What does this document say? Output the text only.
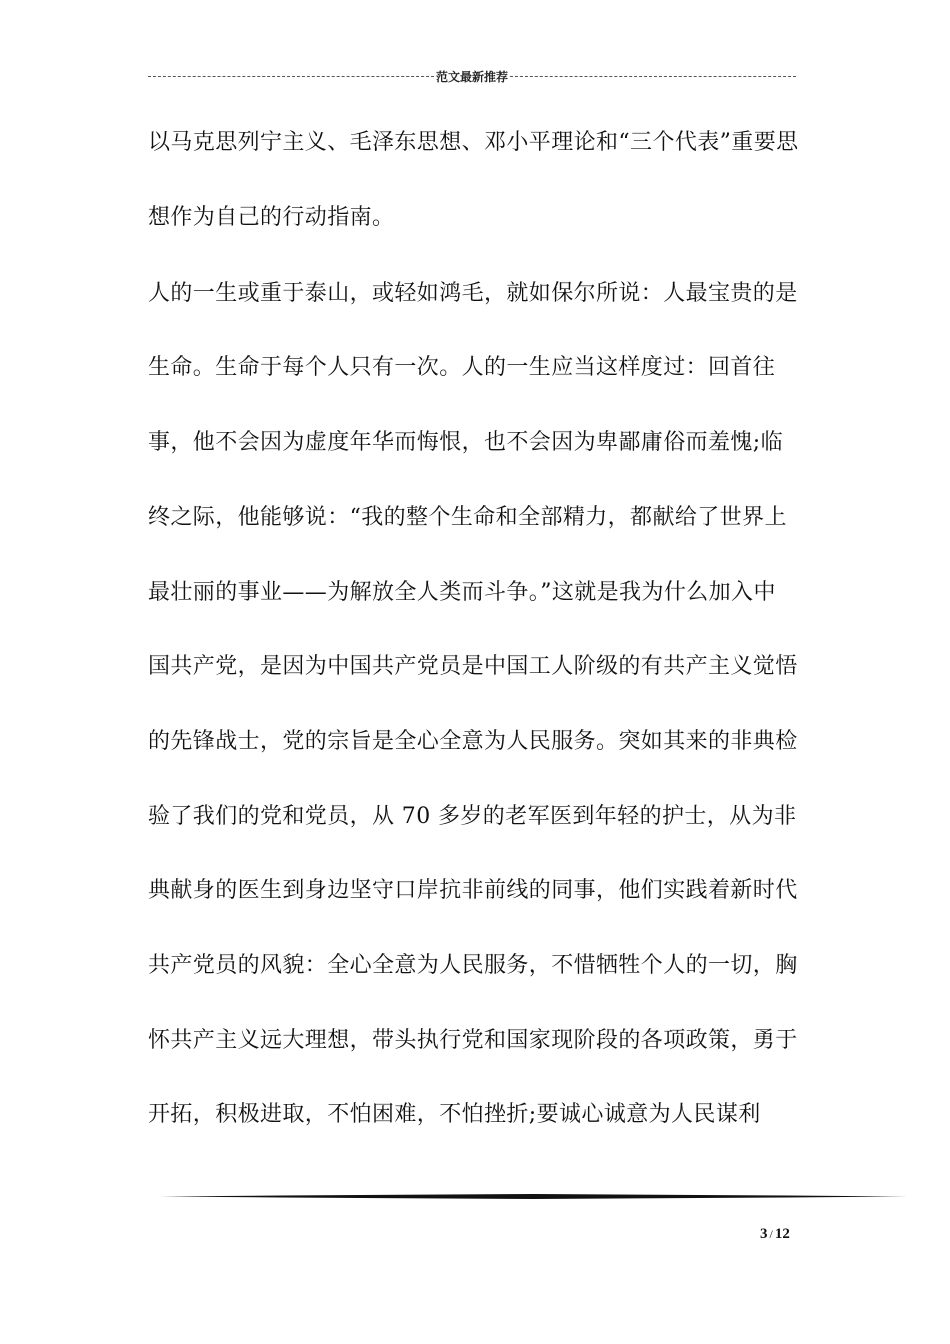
范文最新推荐
以马克思列宁主义、毛泽东思想、邓小平理论和“三个代表”重要思
想作为自己的行动指南。
人的一生或重于泰山，或轻如鸿毛，就如保尔所说：人最宝贵的是
生命。生命于每个人只有一次。人的一生应当这样度过：回首往
事，他不会因为虚度年华而悔恨，也不会因为卑鄙庸俗而羞愧;临
终之际，他能够说：“我的整个生命和全部精力，都献给了世界上
最壮丽的事业——为解放全人类而斗争。”这就是我为什么加入中
国共产党，是因为中国共产党员是中国工人阶级的有共产主义觉悟
的先锋战士，党的宗旨是全心全意为人民服务。突如其来的非典检
验了我们的党和党员，从 70 多岁的老军医到年轻的护士，从为非
典献身的医生到身边坚守口岸抗非前线的同事，他们实践着新时代
共产党员的风貌：全心全意为人民服务，不惜牺牲个人的一切，胸
怀共产主义远大理想，带头执行党和国家现阶段的各项政策，勇于
开拓，积极进取，不怕困难，不怕挫折;要诚心诚意为人民谋利
3 / 12
